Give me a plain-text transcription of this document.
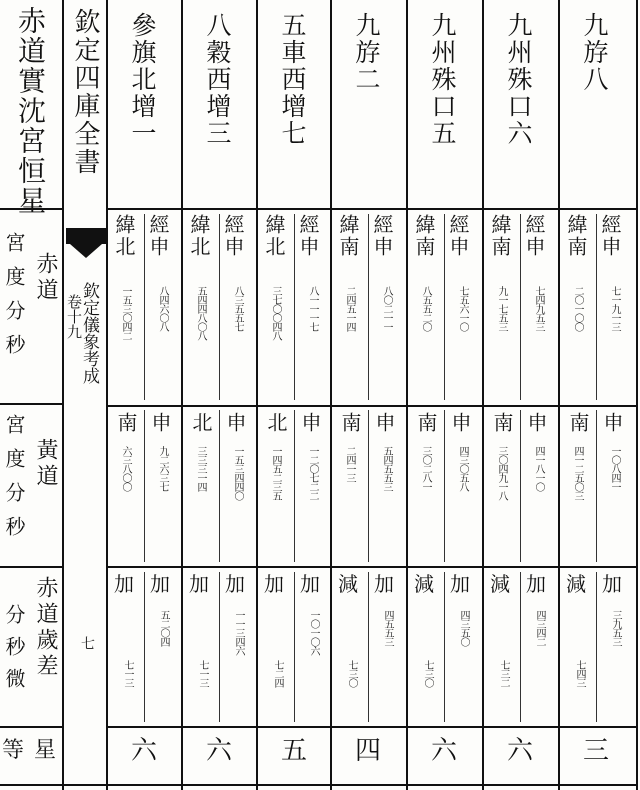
赤道實沈宮恒星 欽定四庫全書
欽定儀象考成
卷十九
七
赤道
宮度分秒
黃道
宮度分秒
赤道歲差
分秒微
等星
參旗北增一
經申
緯北
八四六〇八
一五三〇四二
申
南
九二六三七
六三八〇〇
加
加
五二〇四
七一三
六
八穀西增三
經申
緯北
八三五五七
五四四八〇八
申
北
一五三四四〇
三三三一四
加
加
一一三四六
七一三
六
五車西增七
經申
緯北
八一一一七
三七〇〇四八
申
北
一二〇七二二
一四五二三五
加
加
一〇一〇六
七二四
五
九斿二
經申
緯南
八〇二一一
二四五一四
申
南
五四五五三
二四一三
加
減
四五五三
七三〇
四
九州殊口五
經申
緯南
七五六一〇
八五五二〇
申
南
四三〇五八
三〇二八一
加
減
四三五〇
七三〇
六
九州殊口六
經申
緯南
七四九五三
九一七五三
申
南
四一八一〇
三〇四九一八
加
減
四三四二
七三二
六
九斿八
經申
緯南
七一九一三
二〇一〇〇
申
南
一〇八四一
四一二五〇三
加
減
三九五三
七四三
三
